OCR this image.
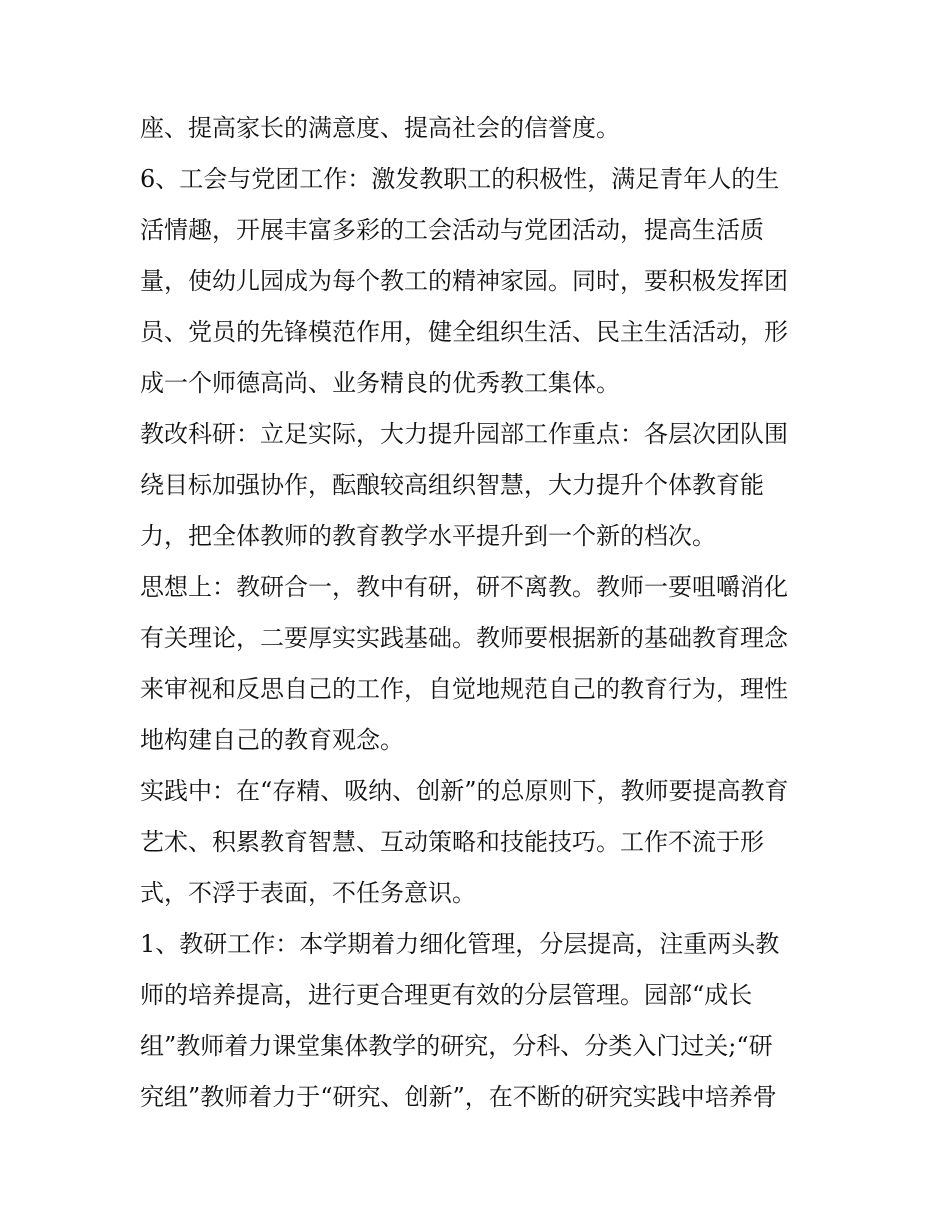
座、提高家长的满意度、提高社会的信誉度。

6、工会与党团工作：激发教职工的积极性，满足青年人的生

活情趣，开展丰富多彩的工会活动与党团活动，提高生活质

量，使幼儿园成为每个教工的精神家园。同时，要积极发挥团

员、党员的先锋模范作用，健全组织生活、民主生活活动，形

成一个师德高尚、业务精良的优秀教工集体。

教改科研：立足实际，大力提升园部工作重点：各层次团队围

绕目标加强协作，酝酿较高组织智慧，大力提升个体教育能

力，把全体教师的教育教学水平提升到一个新的档次。

思想上：教研合一，教中有研，研不离教。教师一要咀嚼消化

有关理论，二要厚实实践基础。教师要根据新的基础教育理念

来审视和反思自己的工作，自觉地规范自己的教育行为，理性

地构建自己的教育观念。

实践中：在“存精、吸纳、创新”的总原则下，教师要提高教育

艺术、积累教育智慧、互动策略和技能技巧。工作不流于形

式，不浮于表面，不任务意识。

1、教研工作：本学期着力细化管理，分层提高，注重两头教

师的培养提高，进行更合理更有效的分层管理。园部“成长

组”教师着力课堂集体教学的研究，分科、分类入门过关;“研

究组”教师着力于“研究、创新”，在不断的研究实践中培养骨
